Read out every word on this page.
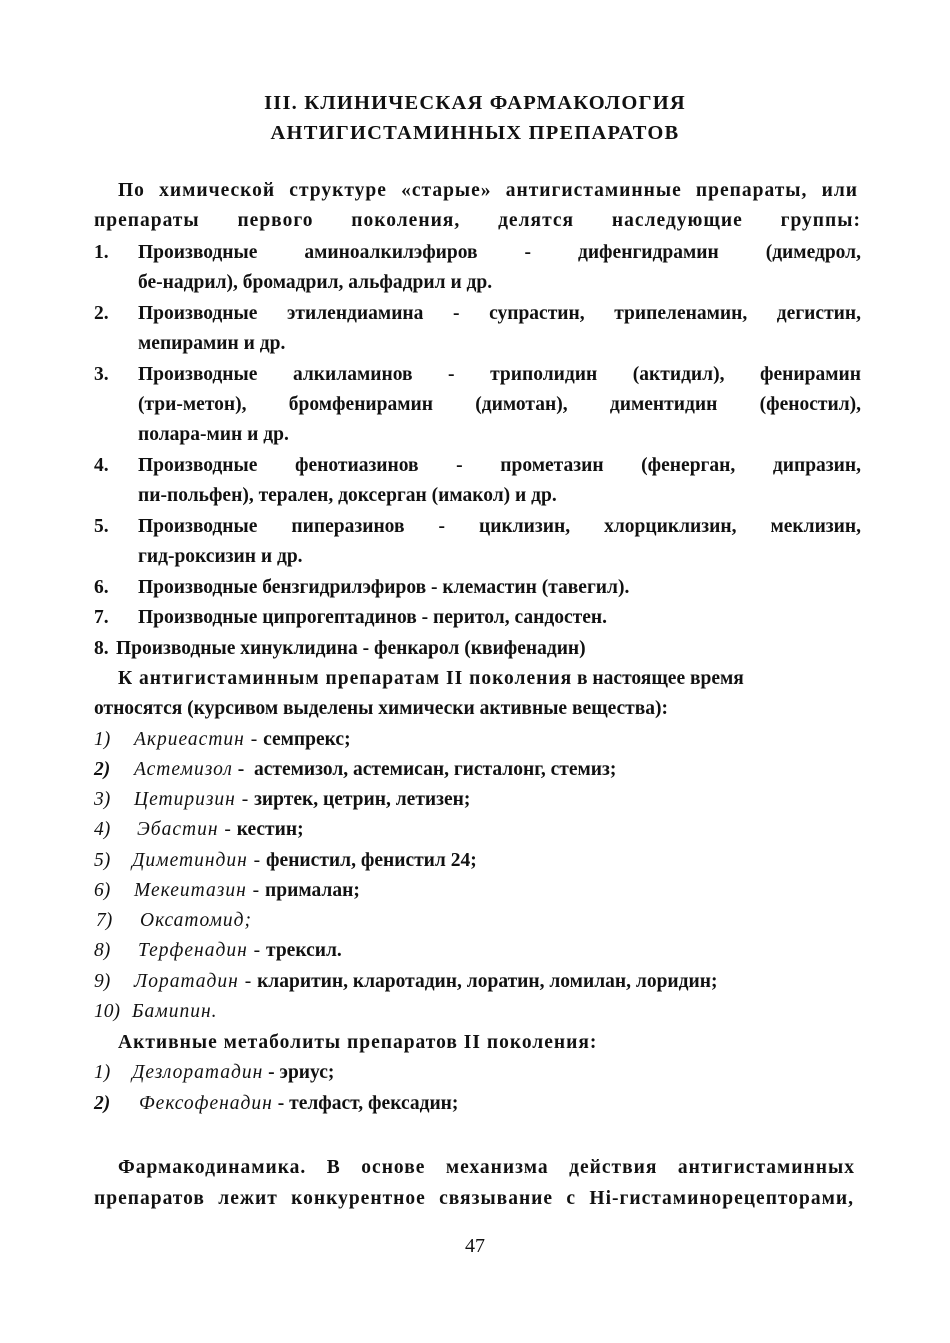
III. КЛИНИЧЕСКАЯ ФАРМАКОЛОГИЯ
АНТИГИСТАМИННЫХ ПРЕПАРАТОВ
По химической структуре «старые» антигистаминные препараты, или
препараты первого поколения, делятся наследующие группы:
1. Производные аминоалкилэфиров - дифенгидрамин (димедрол,
бе-надрил), бромадрил, альфадрил и др.
2. Производные этилендиамина - супрастин, трипеленамин, дегистин,
мепирамин и др.
3. Производные алкиламинов - триполидин (актидил), фенирамин
(три-метон), бромфенирамин (димотан), диментидин (феностил),
полара-мин и др.
4. Производные фенотиазинов - прометазин (фенерган, дипразин,
пи-польфен), терален, доксерган (имакол) и др.
5. Производные пиперазинов - циклизин, хлорциклизин, меклизин,
гид-роксизин и др.
6. Производные бензгидрилэфиров - клемастин (тавегил).
7. Производные ципрогептадинов - перитол, сандостен.
8. Производные хинуклидина - фенкарол (квифенадин)
К антигистаминным препаратам II поколения в настоящее время
относятся (курсивом выделены химически активные вещества):
1) Акриеастин - семпрекс;
2) Астемизол - астемизол, астемисан, гисталонг, стемиз;
3) Цетиризин - зиртек, цетрин, летизен;
4) Эбастин - кестин;
5) Диметиндин - фенистил, фенистил 24;
6) Мекеитазин - прималан;
7) Оксатомид;
8) Терфенадин - трексил.
9) Лоратадин - кларитин, кларотадин, лоратин, ломилан, лоридин;
10) Бамипин.
Активные метаболиты препаратов II поколения:
1) Дезлоратадин - эриус;
2) Фексофенадин - телфаст, фексадин;
Фармакодинамика. В основе механизма действия антигистаминных
препаратов лежит конкурентное связывание с Hi-гистаминорецепторами,
47
